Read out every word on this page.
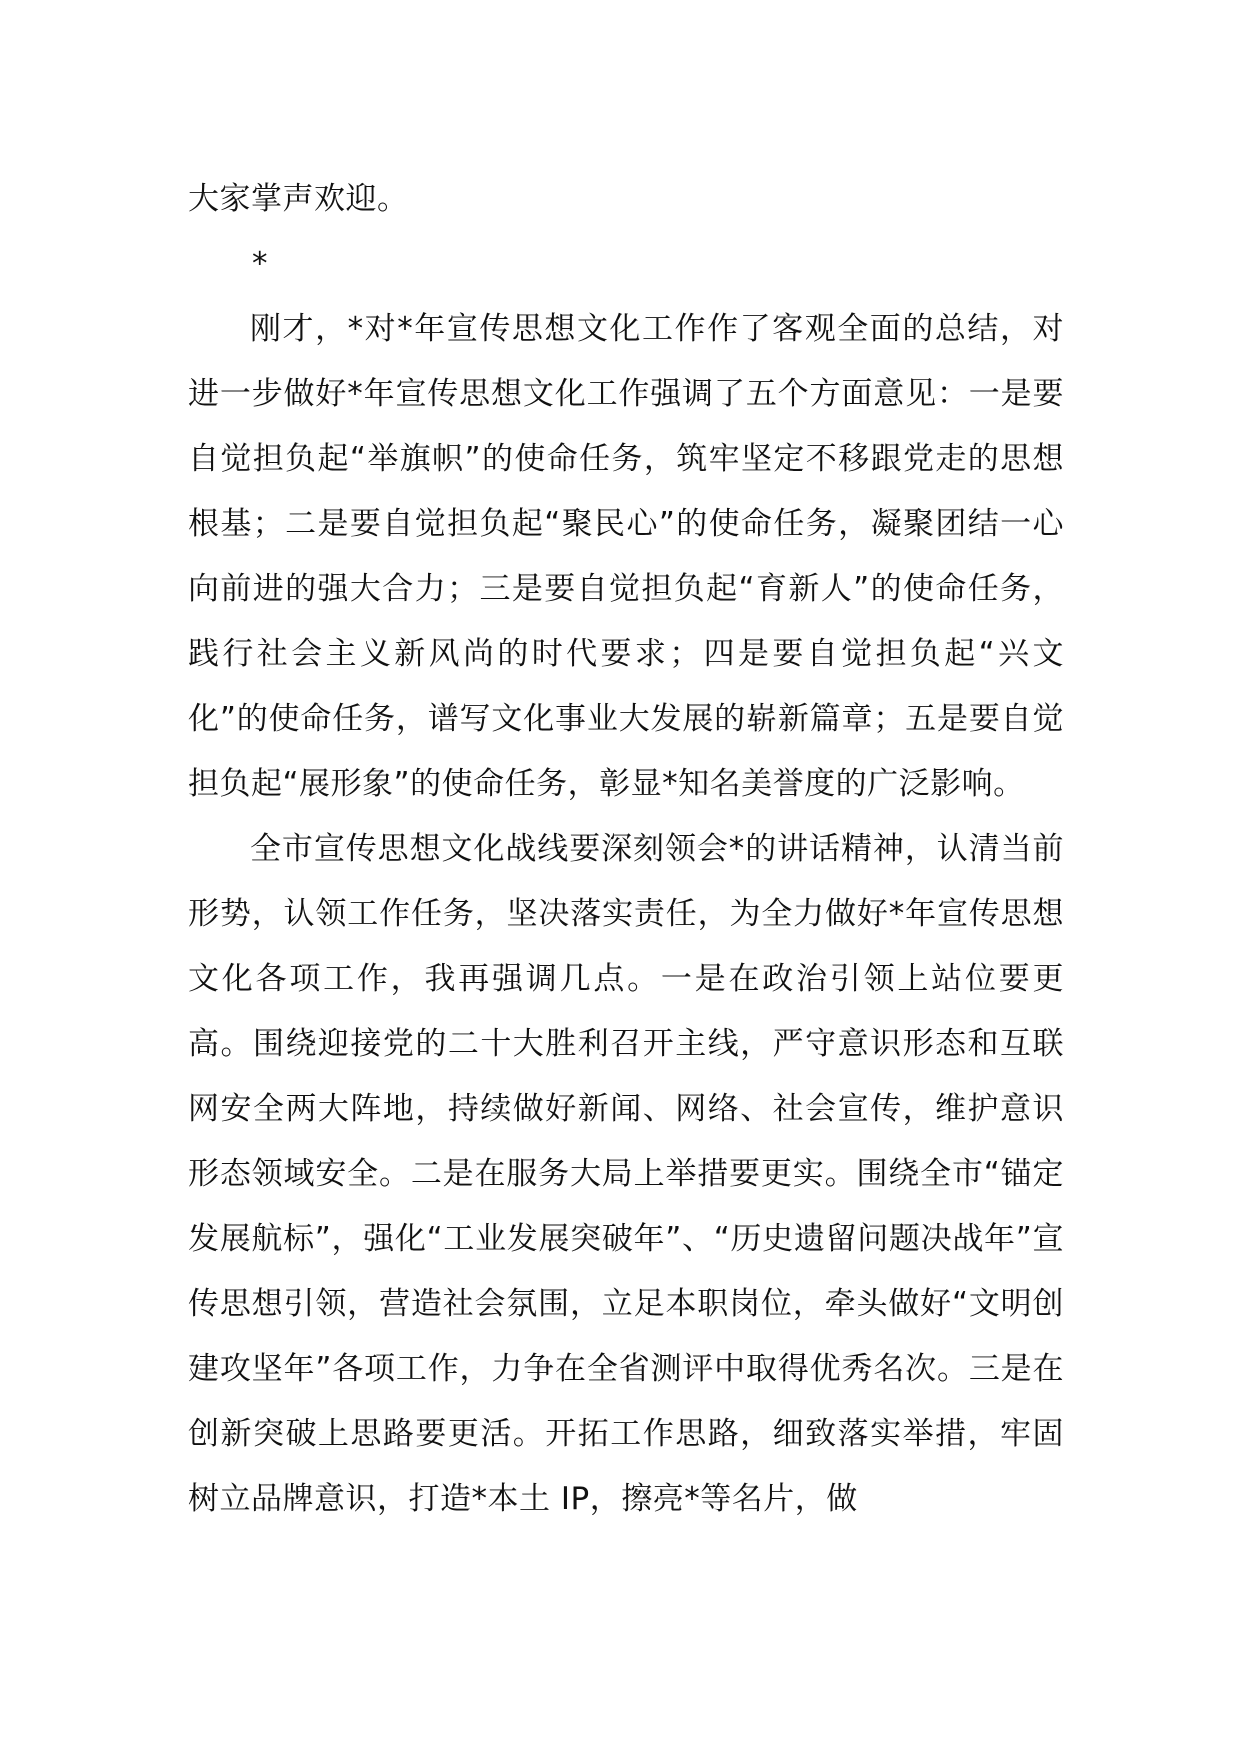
大家掌声欢迎。

*

刚才，*对*年宣传思想文化工作作了客观全面的总结，对进一步做好*年宣传思想文化工作强调了五个方面意见：一是要自觉担负起“举旗帜”的使命任务，筑牢坚定不移跟党走的思想根基；二是要自觉担负起“聚民心”的使命任务，凝聚团结一心向前进的强大合力；三是要自觉担负起“育新人”的使命任务，践行社会主义新风尚的时代要求；四是要自觉担负起“兴文化”的使命任务，谱写文化事业大发展的崭新篇章；五是要自觉担负起“展形象”的使命任务，彰显*知名美誉度的广泛影响。

全市宣传思想文化战线要深刻领会*的讲话精神，认清当前形势，认领工作任务，坚决落实责任，为全力做好*年宣传思想文化各项工作，我再强调几点。一是在政治引领上站位要更高。围绕迎接党的二十大胜利召开主线，严守意识形态和互联网安全两大阵地，持续做好新闻、网络、社会宣传，维护意识形态领域安全。二是在服务大局上举措要更实。围绕全市“锚定发展航标”，强化“工业发展突破年”、“历史遗留问题决战年”宣传思想引领，营造社会氛围，立足本职岗位，牵头做好“文明创建攻坚年”各项工作，力争在全省测评中取得优秀名次。三是在创新突破上思路要更活。开拓工作思路，细致落实举措，牢固树立品牌意识，打造*本土 IP，擦亮*等名片，做
